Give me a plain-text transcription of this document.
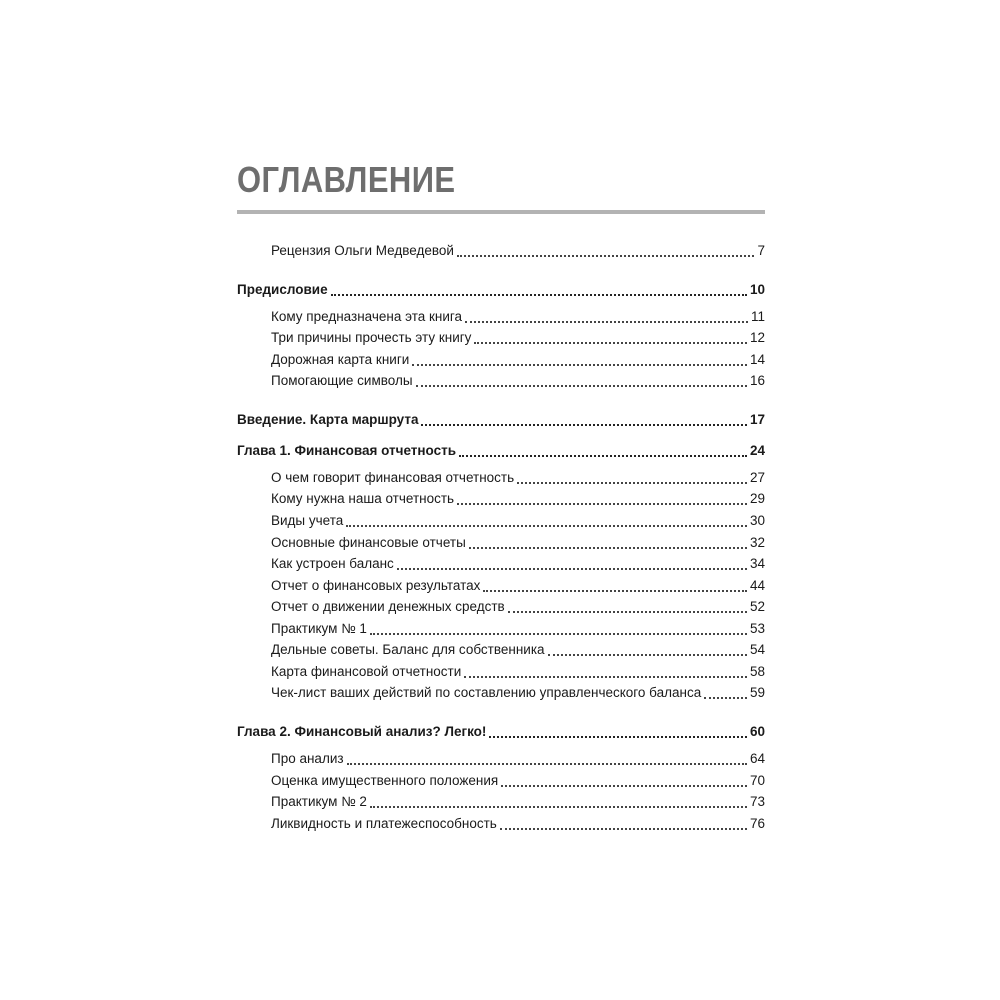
ОГЛАВЛЕНИЕ
Рецензия Ольги Медведевой	7
Предисловие	10
Кому предназначена эта книга	11
Три причины прочесть эту книгу	12
Дорожная карта книги	14
Помогающие символы	16
Введение. Карта маршрута	17
Глава 1. Финансовая отчетность	24
О чем говорит финансовая отчетность	27
Кому нужна наша отчетность	29
Виды учета	30
Основные финансовые отчеты	32
Как устроен баланс	34
Отчет о финансовых результатах	44
Отчет о движении денежных средств	52
Практикум № 1	53
Дельные советы. Баланс для собственника	54
Карта финансовой отчетности	58
Чек-лист ваших действий по составлению управленческого баланса	59
Глава 2. Финансовый анализ? Легко!	60
Про анализ	64
Оценка имущественного положения	70
Практикум № 2	73
Ликвидность и платежеспособность	76
